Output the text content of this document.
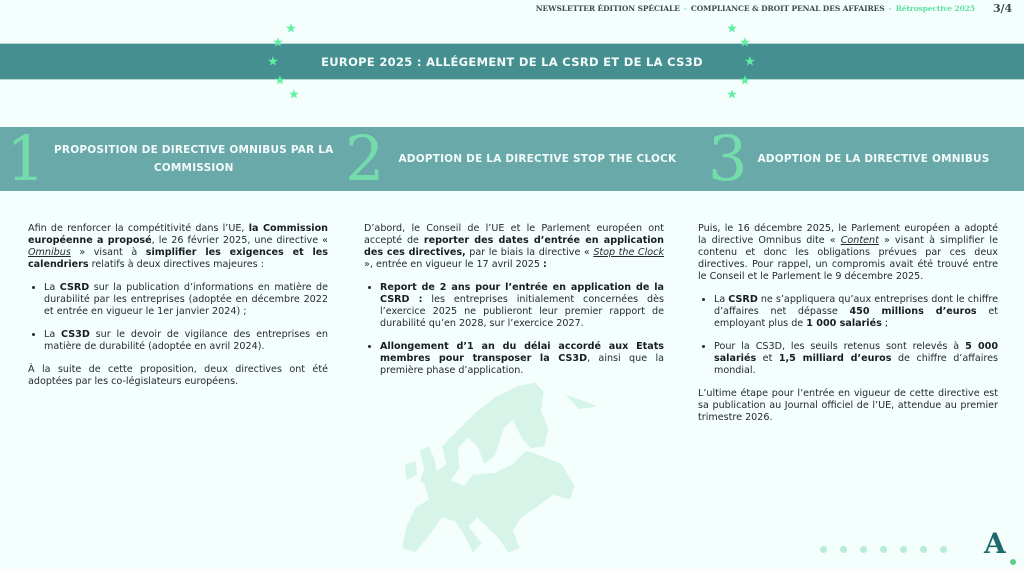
NEWSLETTER ÉDITION SPÉCIALE - COMPLIANCE & DROIT PENAL DES AFFAIRES - Rétrospective 2025 3/4
EUROPE 2025 : ALLÉGEMENT DE LA CSRD ET DE LA CS3D
★
★
★
★
★
★
★
★
★
★
1 PROPOSITION DE DIRECTIVE OMNIBUS PAR LA COMMISSION	2 ADOPTION DE LA DIRECTIVE STOP THE CLOCK 3 ADOPTION DE LA DIRECTIVE OMNIBUS

Afin de renforcer la compétitivité dans l’UE, la Commission européenne a proposé, le 26 février 2025, une directive « Omnibus » visant à simplifier les exigences et les calendriers relatifs à deux directives majeures :

• La CSRD sur la publication d’informations en matière de durabilité par les entreprises (adoptée en décembre 2022 et entrée en vigueur le 1er janvier 2024) ;
• La CS3D sur le devoir de vigilance des entreprises en matière de durabilité (adoptée en avril 2024).

À la suite de cette proposition, deux directives ont été adoptées par les co-législateurs européens.

D’abord, le Conseil de l’UE et le Parlement européen ont accepté de reporter des dates d’entrée en application des ces directives, par le biais la directive « Stop the Clock », entrée en vigueur le 17 avril 2025 :

• Report de 2 ans pour l’entrée en application de la CSRD : les entreprises initialement concernées dès l’exercice 2025 ne publieront leur premier rapport de durabilité qu’en 2028, sur l’exercice 2027.
• Allongement d’1 an du délai accordé aux Etats membres pour transposer la CS3D, ainsi que la première phase d’application.

Puis, le 16 décembre 2025, le Parlement européen a adopté la directive Omnibus dite « Content » visant à simplifier le contenu et donc les obligations prévues par ces deux directives. Pour rappel, un compromis avait été trouvé entre le Conseil et le Parlement le 9 décembre 2025.

• La CSRD ne s’appliquera qu’aux entreprises dont le chiffre d’affaires net dépasse 450 millions d’euros et employant plus de 1 000 salariés ;
• Pour la CS3D, les seuils retenus sont relevés à 5 000 salariés et 1,5 milliard d’euros de chiffre d’affaires mondial.

L’ultime étape pour l’entrée en vigueur de cette directive est sa publication au Journal officiel de l’UE, attendue au premier trimestre 2026.

A
